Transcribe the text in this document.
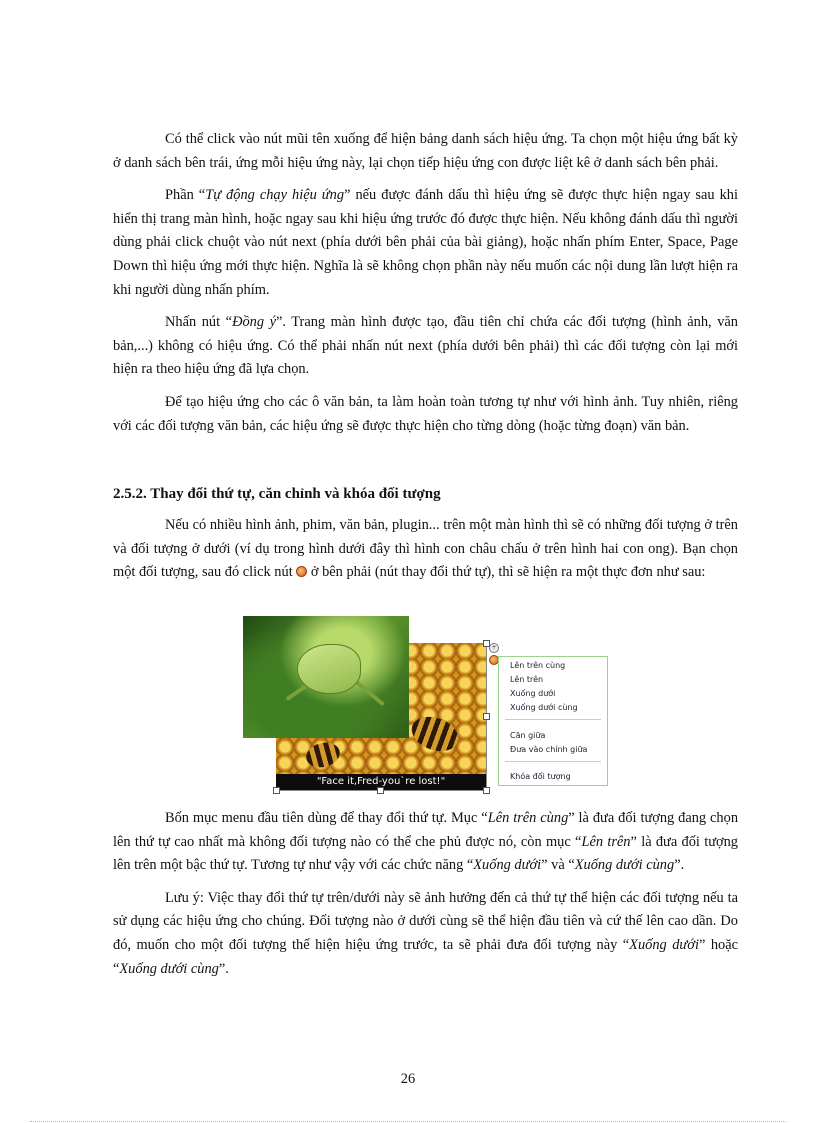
Có thể click vào nút mũi tên xuống để hiện bảng danh sách hiệu ứng. Ta chọn một hiệu ứng bất kỳ ở danh sách bên trái, ứng mỗi hiệu ứng này, lại chọn tiếp hiệu ứng con được liệt kê ở danh sách bên phải.

Phần “Tự động chạy hiệu ứng” nếu được đánh dấu thì hiệu ứng sẽ được thực hiện ngay sau khi hiển thị trang màn hình, hoặc ngay sau khi hiệu ứng trước đó được thực hiện. Nếu không đánh dấu thì người dùng phải click chuột vào nút next (phía dưới bên phải của bài giảng), hoặc nhấn phím Enter, Space, Page Down thì hiệu ứng mới thực hiện. Nghĩa là sẽ không chọn phần này nếu muốn các nội dung lần lượt hiện ra khi người dùng nhấn phím.

Nhấn nút “Đồng ý”. Trang màn hình được tạo, đầu tiên chỉ chứa các đối tượng (hình ảnh, văn bản,...) không có hiệu ứng. Có thể phải nhấn nút next (phía dưới bên phải) thì các đối tượng còn lại mới hiện ra theo hiệu ứng đã lựa chọn.

Để tạo hiệu ứng cho các ô văn bản, ta làm hoàn toàn tương tự như với hình ảnh. Tuy nhiên, riêng với các đối tượng văn bản, các hiệu ứng sẽ được thực hiện cho từng dòng (hoặc từng đoạn) văn bản.

2.5.2. Thay đổi thứ tự, căn chỉnh và khóa đối tượng

Nếu có nhiều hình ảnh, phim, văn bản, plugin... trên một màn hình thì sẽ có những đối tượng ở trên và đối tượng ở dưới (ví dụ trong hình dưới đây thì hình con châu chấu ở trên hình hai con ong). Bạn chọn một đối tượng, sau đó click nút  ở bên phải (nút thay đổi thứ tự), thì sẽ hiện ra một thực đơn như sau:

"Face it,Fred-you`re lost!"
+
Lên trên cùng
Lên trên
Xuống dưới
Xuống dưới cùng
Căn giữa
Đưa vào chính giữa
Khóa đối tượng

Bốn mục menu đầu tiên dùng để thay đổi thứ tự. Mục “Lên trên cùng” là đưa đối tượng đang chọn lên thứ tự cao nhất mà không đối tượng nào có thể che phủ được nó, còn mục “Lên trên” là đưa đối tượng lên trên một bậc thứ tự. Tương tự như vậy với các chức năng “Xuống dưới” và “Xuống dưới cùng”.

Lưu ý: Việc thay đổi thứ tự trên/dưới này sẽ ảnh hưởng đến cả thứ tự thể hiện các đối tượng nếu ta sử dụng các hiệu ứng cho chúng. Đối tượng nào ở dưới cùng sẽ thể hiện đầu tiên và cứ thế lên cao dần. Do đó, muốn cho một đối tượng thể hiện hiệu ứng trước, ta sẽ phải đưa đối tượng này “Xuống dưới” hoặc “Xuống dưới cùng”.

26
